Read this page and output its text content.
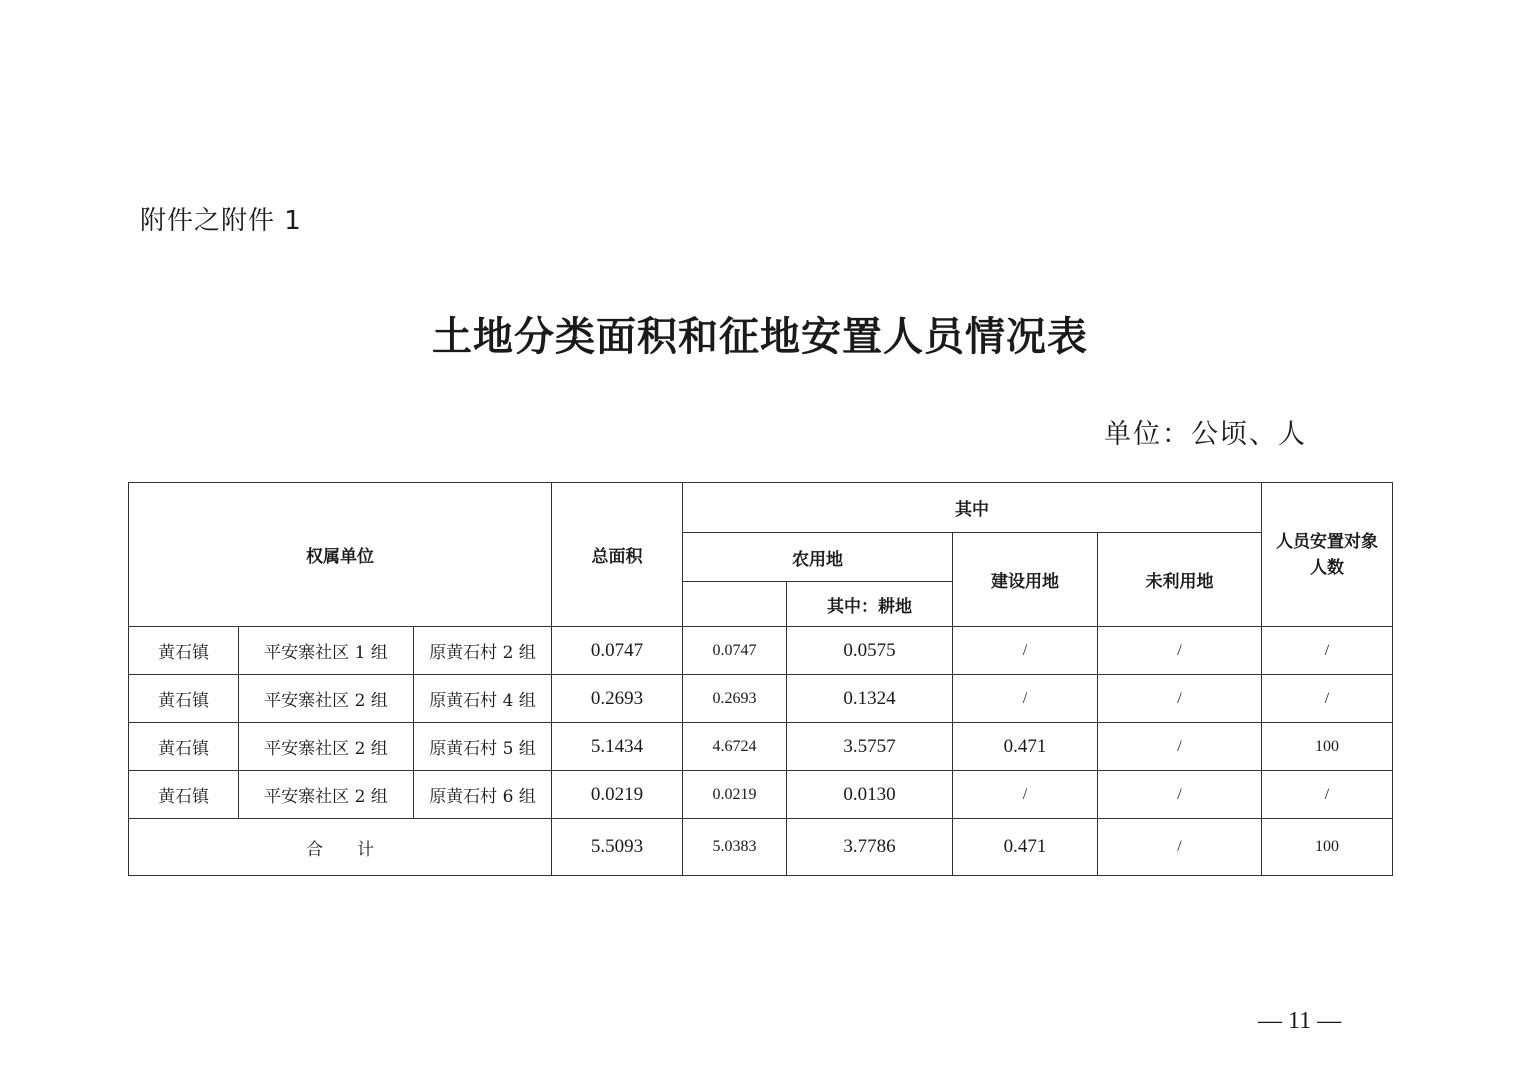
附件之附件 1
土地分类面积和征地安置人员情况表
单位：公顷、人
权属单位			总面积	其中				人员安置对象人数
				农用地		建设用地	未利用地	
					其中：耕地			
黄石镇	平安寨社区 1 组	原黄石村 2 组	0.0747	0.0747	0.0575	/	/	/
黄石镇	平安寨社区 2 组	原黄石村 4 组	0.2693	0.2693	0.1324	/	/	/
黄石镇	平安寨社区 2 组	原黄石村 5 组	5.1434	4.6724	3.5757	0.471	/	100
黄石镇	平安寨社区 2 组	原黄石村 6 组	0.0219	0.0219	0.0130	/	/	/
合　　计			5.5093	5.0383	3.7786	0.471	/	100
— 11 —
